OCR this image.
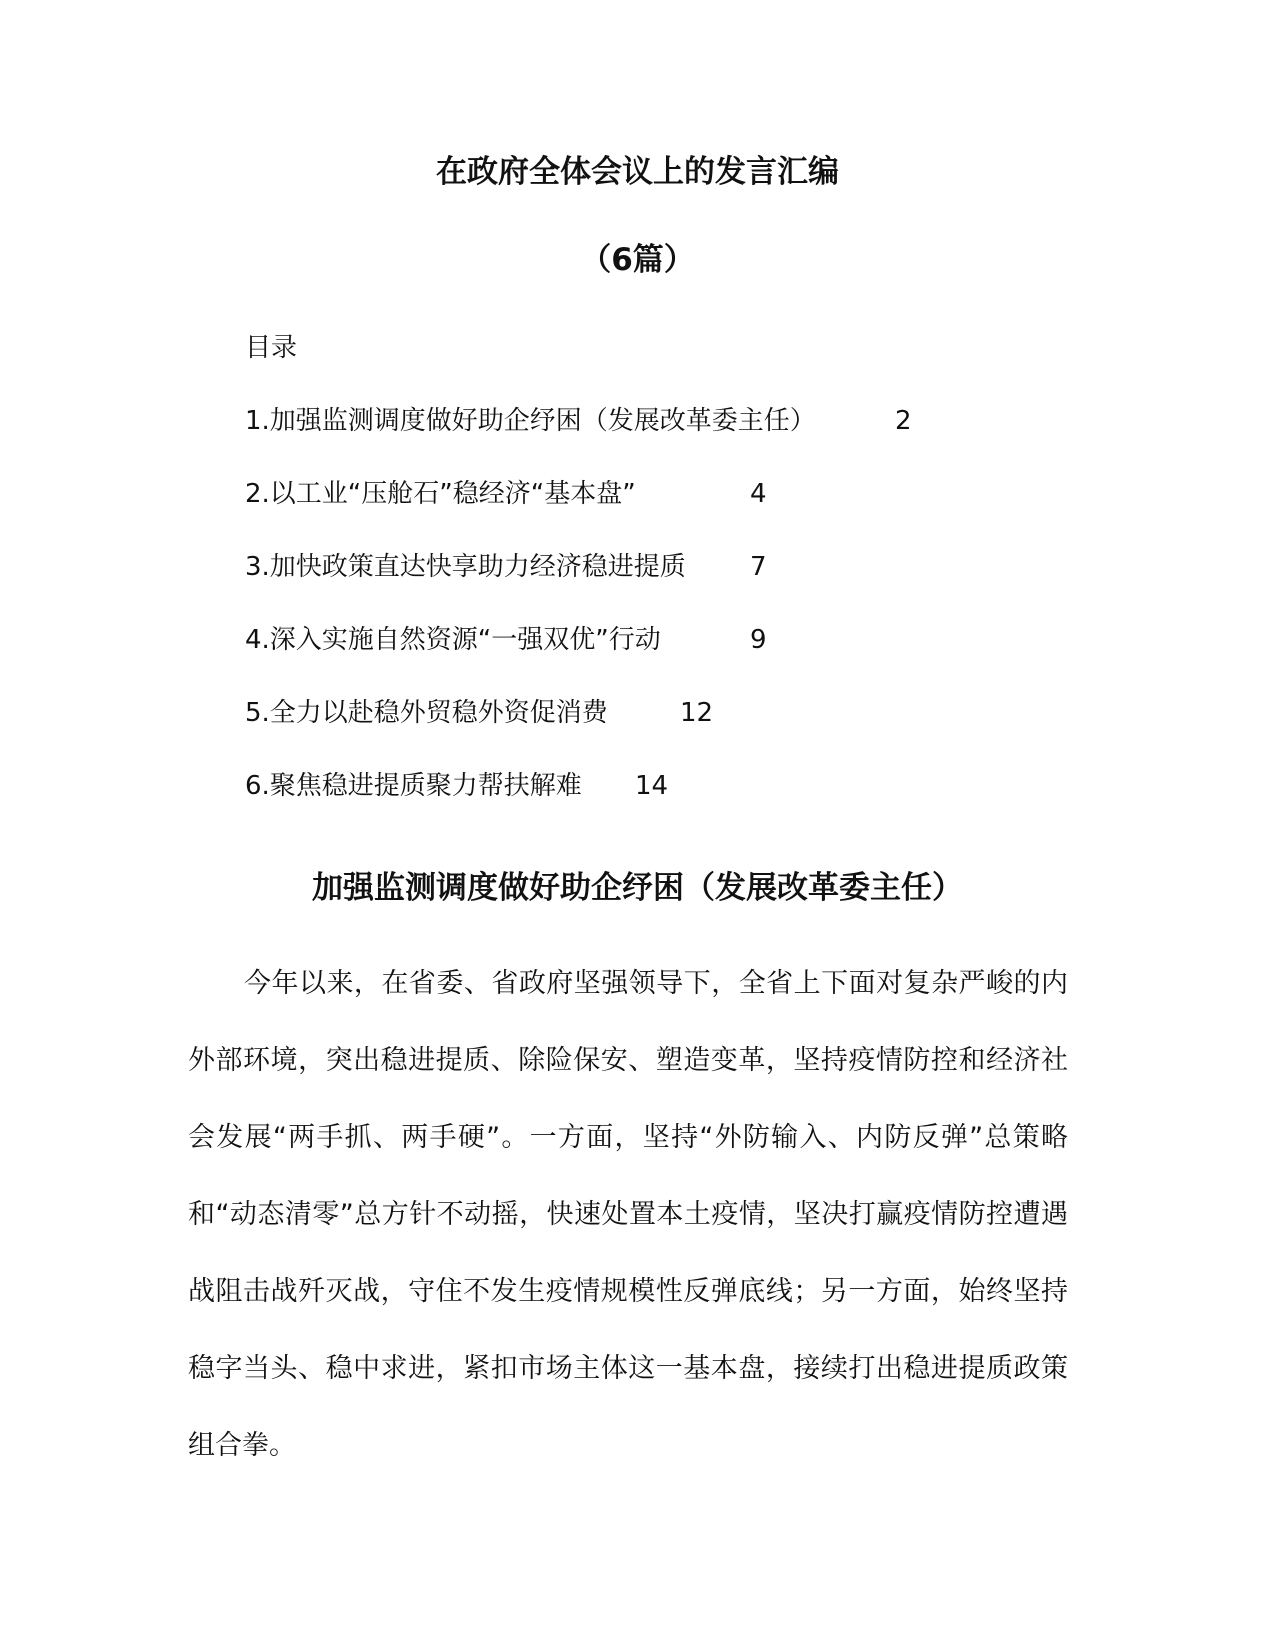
在政府全体会议上的发言汇编
（6篇）
目录
1.加强监测调度做好助企纾困（发展改革委主任）	2
2.以工业“压舱石”稳经济“基本盘”	4
3.加快政策直达快享助力经济稳进提质 7
4.深入实施自然资源“一强双优”行动	9
5.全力以赴稳外贸稳外资促消费	12
6.聚焦稳进提质聚力帮扶解难 14
加强监测调度做好助企纾困（发展改革委主任）

今年以来，在省委、省政府坚强领导下，全省上下面对复杂严峻的内外部环境，突出稳进提质、除险保安、塑造变革，坚持疫情防控和经济社会发展“两手抓、两手硬”。一方面，坚持“外防输入、内防反弹”总策略和“动态清零”总方针不动摇，快速处置本土疫情，坚决打赢疫情防控遭遇战阻击战歼灭战，守住不发生疫情规模性反弹底线；另一方面，始终坚持稳字当头、稳中求进，紧扣市场主体这一基本盘，接续打出稳进提质政策组合拳。
